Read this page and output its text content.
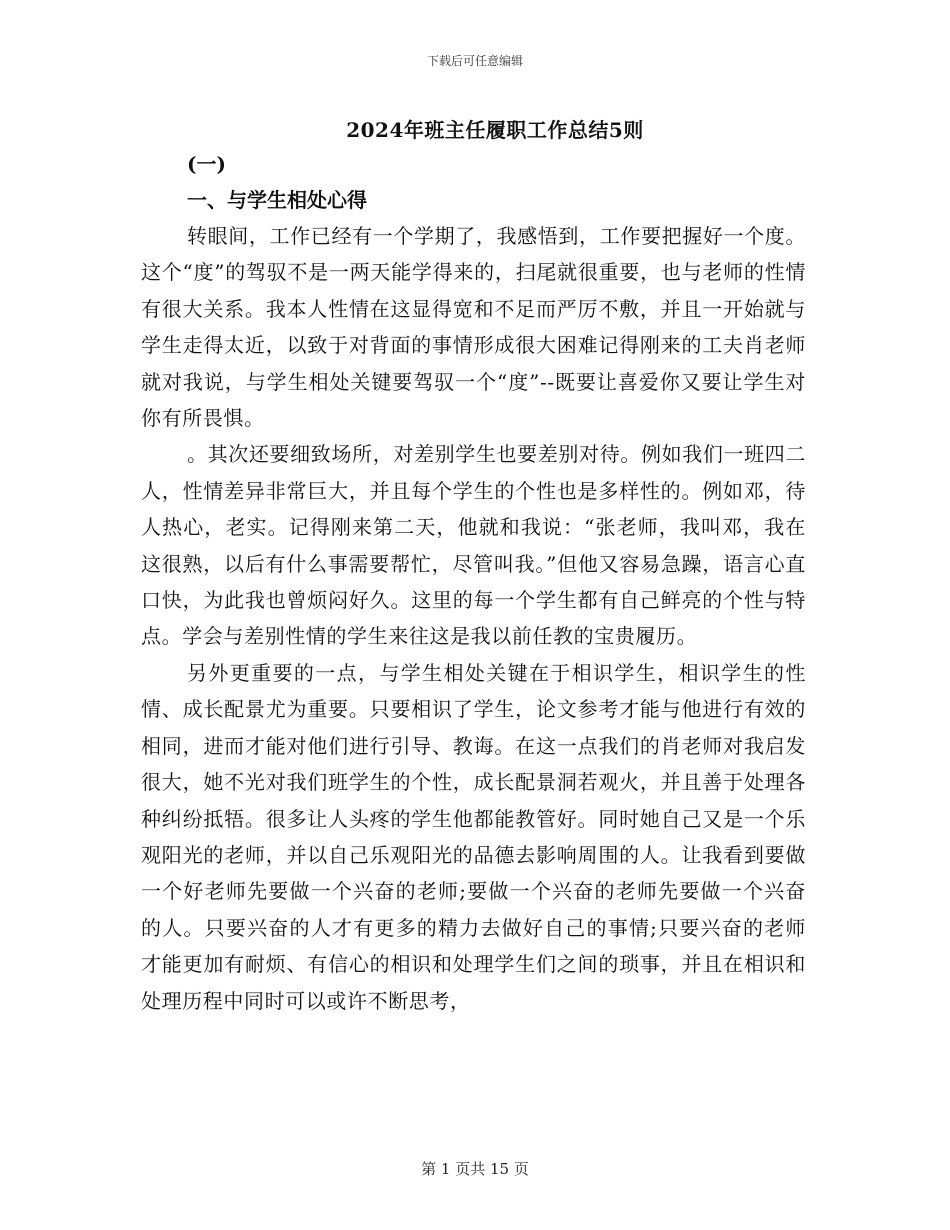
下载后可任意编辑
2024年班主任履职工作总结5则

(一)

一、与学生相处心得

转眼间，工作已经有一个学期了，我感悟到，工作要把握好一个度。这个“度”的驾驭不是一两天能学得来的，扫尾就很重要，也与老师的性情有很大关系。我本人性情在这显得宽和不足而严厉不敷，并且一开始就与学生走得太近，以致于对背面的事情形成很大困难记得刚来的工夫肖老师就对我说，与学生相处关键要驾驭一个“度”--既要让喜爱你又要让学生对你有所畏惧。

。其次还要细致场所，对差别学生也要差别对待。例如我们一班四二人，性情差异非常巨大，并且每个学生的个性也是多样性的。例如邓，待人热心，老实。记得刚来第二天，他就和我说：“张老师，我叫邓，我在这很熟，以后有什么事需要帮忙，尽管叫我。”但他又容易急躁，语言心直口快，为此我也曾烦闷好久。这里的每一个学生都有自己鲜亮的个性与特点。学会与差别性情的学生来往这是我以前任教的宝贵履历。

另外更重要的一点，与学生相处关键在于相识学生，相识学生的性情、成长配景尤为重要。只要相识了学生，论文参考才能与他进行有效的相同，进而才能对他们进行引导、教诲。在这一点我们的肖老师对我启发很大，她不光对我们班学生的个性，成长配景洞若观火，并且善于处理各种纠纷抵牾。很多让人头疼的学生他都能教管好。同时她自己又是一个乐观阳光的老师，并以自己乐观阳光的品德去影响周围的人。让我看到要做一个好老师先要做一个兴奋的老师;要做一个兴奋的老师先要做一个兴奋的人。只要兴奋的人才有更多的精力去做好自己的事情;只要兴奋的老师才能更加有耐烦、有信心的相识和处理学生们之间的琐事，并且在相识和处理历程中同时可以或许不断思考，

第 1 页共 15 页
